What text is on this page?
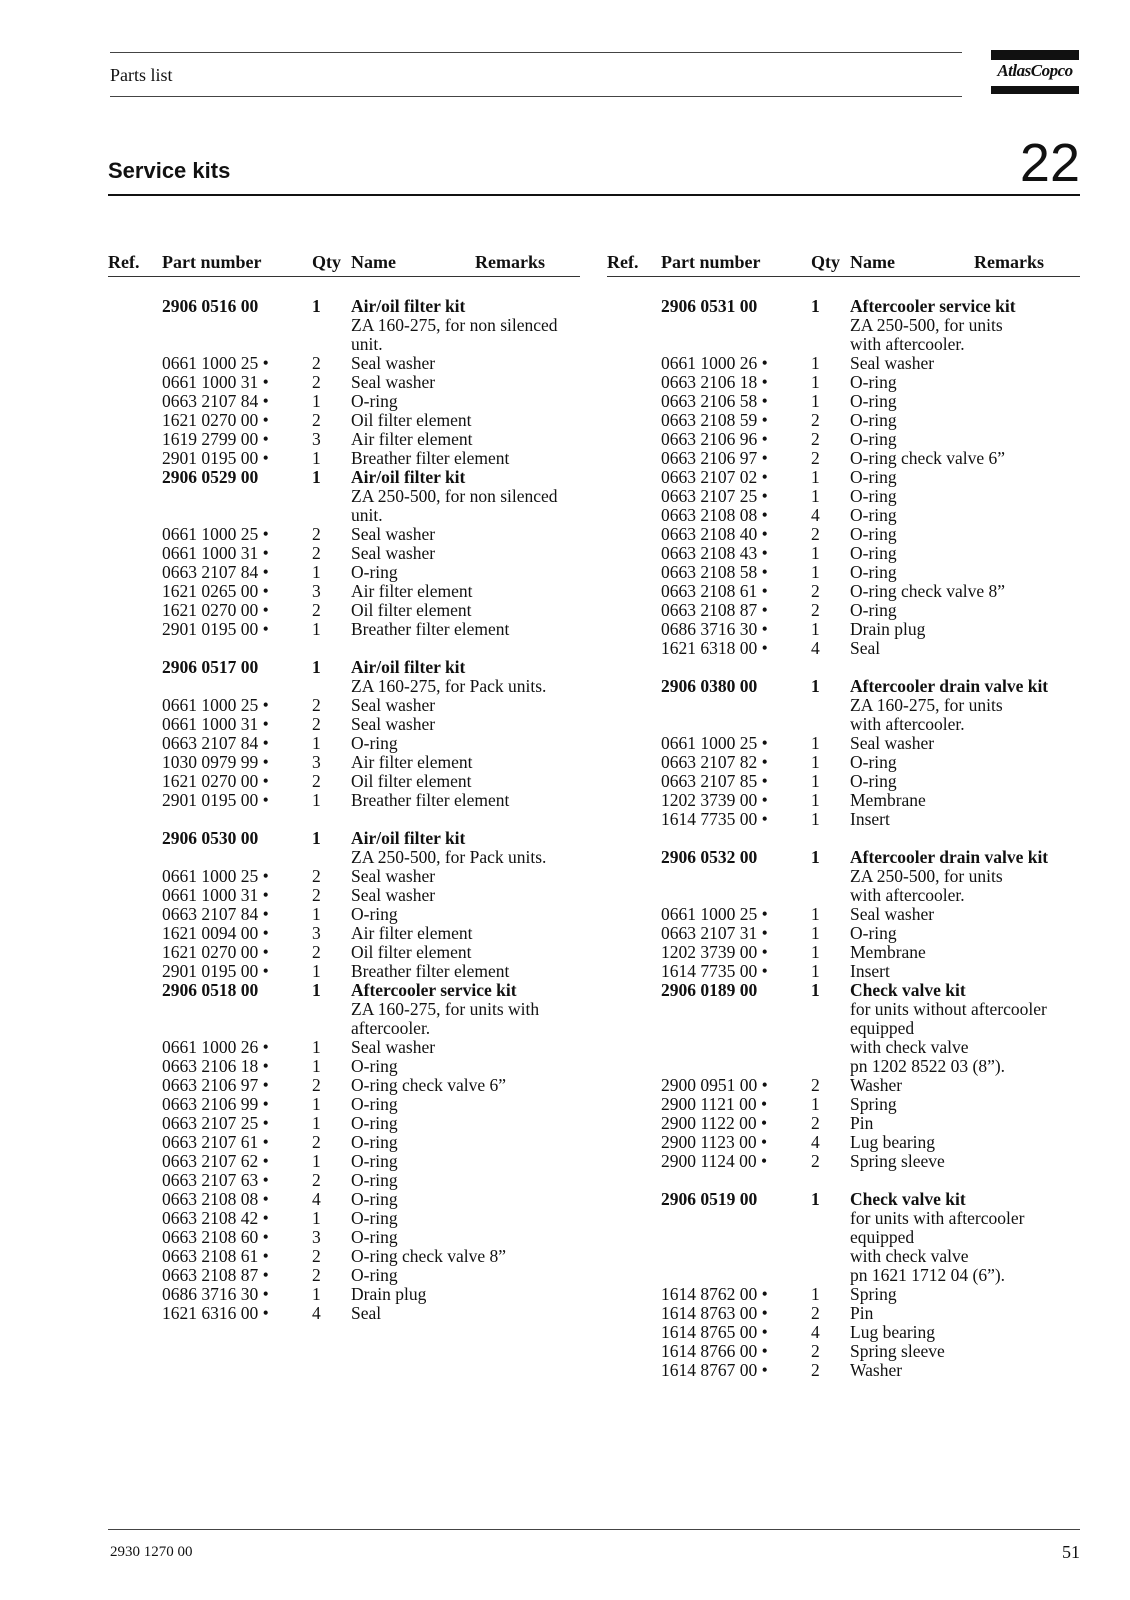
Parts list	AtlasCopco
Service kits	22
Ref. Part number	Qty Name	Remarks
2906 0516 00	1 Air/oil filter kit
ZA 160-275, for non silenced
unit.
0661 1000 25 • 2 Seal washer
0661 1000 31 • 2 Seal washer
0663 2107 84 • 1 O-ring
1621 0270 00 • 2 Oil filter element
1619 2799 00 • 3 Air filter element
2901 0195 00 • 1 Breather filter element
2906 0529 00	1 Air/oil filter kit
ZA 250-500, for non silenced
unit.
0661 1000 25 • 2 Seal washer
0661 1000 31 • 2 Seal washer
0663 2107 84 • 1 O-ring
1621 0265 00 • 3 Air filter element
1621 0270 00 • 2 Oil filter element
2901 0195 00 • 1 Breather filter element
2906 0517 00	1 Air/oil filter kit
ZA 160-275, for Pack units.
0661 1000 25 • 2 Seal washer
0661 1000 31 • 2 Seal washer
0663 2107 84 • 1 O-ring
1030 0979 99 • 3 Air filter element
1621 0270 00 • 2 Oil filter element
2901 0195 00 • 1 Breather filter element
2906 0530 00	1 Air/oil filter kit
ZA 250-500, for Pack units.
0661 1000 25 • 2 Seal washer
0661 1000 31 • 2 Seal washer
0663 2107 84 • 1 O-ring
1621 0094 00 • 3 Air filter element
1621 0270 00 • 2 Oil filter element
2901 0195 00 • 1 Breather filter element
2906 0518 00	1 Aftercooler service kit
ZA 160-275, for units with
aftercooler.
0661 1000 26 • 1 Seal washer
0663 2106 18 • 1 O-ring
0663 2106 97 • 2 O-ring check valve 6”
0663 2106 99 • 1 O-ring
0663 2107 25 • 1 O-ring
0663 2107 61 • 2 O-ring
0663 2107 62 • 1 O-ring
0663 2107 63 • 2 O-ring
0663 2108 08 • 4 O-ring
0663 2108 42 • 1 O-ring
0663 2108 60 • 3 O-ring
0663 2108 61 • 2 O-ring check valve 8”
0663 2108 87 • 2 O-ring
0686 3716 30 • 1 Drain plug
1621 6316 00 • 4 Seal
Ref. Part number	Qty Name	Remarks
2906 0531 00	1 Aftercooler service kit
ZA 250-500, for units
with aftercooler.
0661 1000 26 • 1 Seal washer
0663 2106 18 • 1 O-ring
0663 2106 58 • 1 O-ring
0663 2108 59 • 2 O-ring
0663 2106 96 • 2 O-ring
0663 2106 97 • 2 O-ring check valve 6”
0663 2107 02 • 1 O-ring
0663 2107 25 • 1 O-ring
0663 2108 08 • 4 O-ring
0663 2108 40 • 2 O-ring
0663 2108 43 • 1 O-ring
0663 2108 58 • 1 O-ring
0663 2108 61 • 2 O-ring check valve 8”
0663 2108 87 • 2 O-ring
0686 3716 30 • 1 Drain plug
1621 6318 00 • 4 Seal
2906 0380 00	1 Aftercooler drain valve kit
ZA 160-275, for units
with aftercooler.
0661 1000 25 • 1 Seal washer
0663 2107 82 • 1 O-ring
0663 2107 85 • 1 O-ring
1202 3739 00 • 1 Membrane
1614 7735 00 • 1 Insert
2906 0532 00	1 Aftercooler drain valve kit
ZA 250-500, for units
with aftercooler.
0661 1000 25 • 1 Seal washer
0663 2107 31 • 1 O-ring
1202 3739 00 • 1 Membrane
1614 7735 00 • 1 Insert
2906 0189 00	1 Check valve kit
for units without aftercooler
equipped
with check valve
pn 1202 8522 03 (8”).
2900 0951 00 • 2 Washer
2900 1121 00 •	1 Spring
2900 1122 00 •	2 Pin
2900 1123 00 •	4 Lug bearing
2900 1124 00 •	2 Spring sleeve
2906 0519 00	1 Check valve kit
for units with aftercooler
equipped
with check valve
pn 1621 1712 04 (6”).
1614 8762 00 • 1 Spring
1614 8763 00 • 2 Pin
1614 8765 00 • 4 Lug bearing
1614 8766 00 • 2 Spring sleeve
1614 8767 00 • 2 Washer
2930 1270 00	51
